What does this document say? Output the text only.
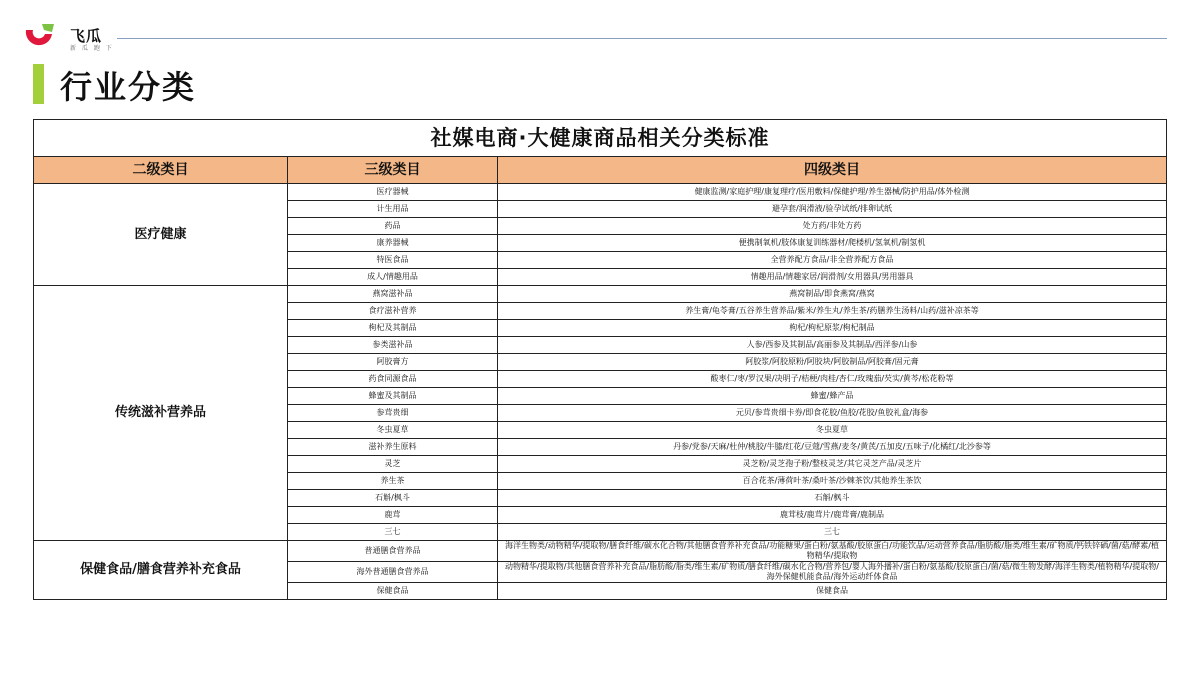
飞瓜
新 瓜 跑 下
行业分类
社媒电商·大健康商品相关分类标准		
二级类目	三级类目	四级类目
医疗健康	医疗器械	健康监测/家庭护理/康复理疗/医用敷料/保健护理/养生器械/防护用品/体外检测
	计生用品	避孕套/润滑液/验孕试纸/排卵试纸
	药品	处方药/非处方药
	康养器械	便携制氧机/肢体康复训练器材/爬楼机/氢氧机/制氢机
	特医食品	全营养配方食品/非全营养配方食品
	成人/情趣用品	情趣用品/情趣家居/润滑剂/女用器具/男用器具
传统滋补营养品	燕窝滋补品	燕窝制品/即食燕窝/燕窝
	食疗滋补营养	养生膏/龟苓膏/五谷养生营养品/紫米/养生丸/养生茶/药膳养生汤料/山药/滋补凉茶等
	枸杞及其制品	枸杞/枸杞原浆/枸杞制品
	参类滋补品	人参/西参及其制品/高丽参及其制品/西洋参/山参
	阿胶膏方	阿胶浆/阿胶原粉/阿胶块/阿胶制品/阿胶膏/固元膏
	药食同源食品	酸枣仁/枣/罗汉果/决明子/桔梗/肉桂/杏仁/玫瑰茄/芡实/黄芩/松花粉等
	蜂蜜及其制品	蜂蜜/蜂产品
	参茸贵细	元贝/参茸贵细卡券/即食花胶/鱼胶/花胶/鱼胶礼盒/海参
	冬虫夏草	冬虫夏草
	滋补养生原料	丹参/党参/天麻/杜仲/桃胶/牛膝/红花/豆蔻/雪燕/麦冬/黄芪/五加皮/五味子/化橘红/北沙参等
	灵芝	灵芝粉/灵芝孢子粉/整枝灵芝/其它灵芝产品/灵芝片
	养生茶	百合花茶/薄荷叶茶/桑叶茶/沙棘茶饮/其他养生茶饮
	石斛/枫斗	石斛/枫斗
	鹿茸	鹿茸枝/鹿茸片/鹿茸膏/鹿制品
	三七	三七
保健食品/膳食营养补充食品	普通膳食营养品	海洋生物类/动物精华/提取物/膳食纤维/碳水化合物/其他膳食营养补充食品/功能糖果/蛋白粉/氨基酸/胶原蛋白/功能饮品/运动营养食品/脂肪酸/脂类/维生素/矿物质/钙铁锌硒/菌/菇/酵素/植物精华/提取物
	海外普通膳食营养品	动物精华/提取物/其他膳食营养补充食品/脂肪酸/脂类/维生素/矿物质/膳食纤维/碳水化合物/营养包/婴人海外播补/蛋白粉/氨基酸/胶原蛋白/菌/菇/微生物发酵/海洋生物类/植物精华/提取物/海外保健机能食品/海外运动纤体食品
	保健食品	保健食品
